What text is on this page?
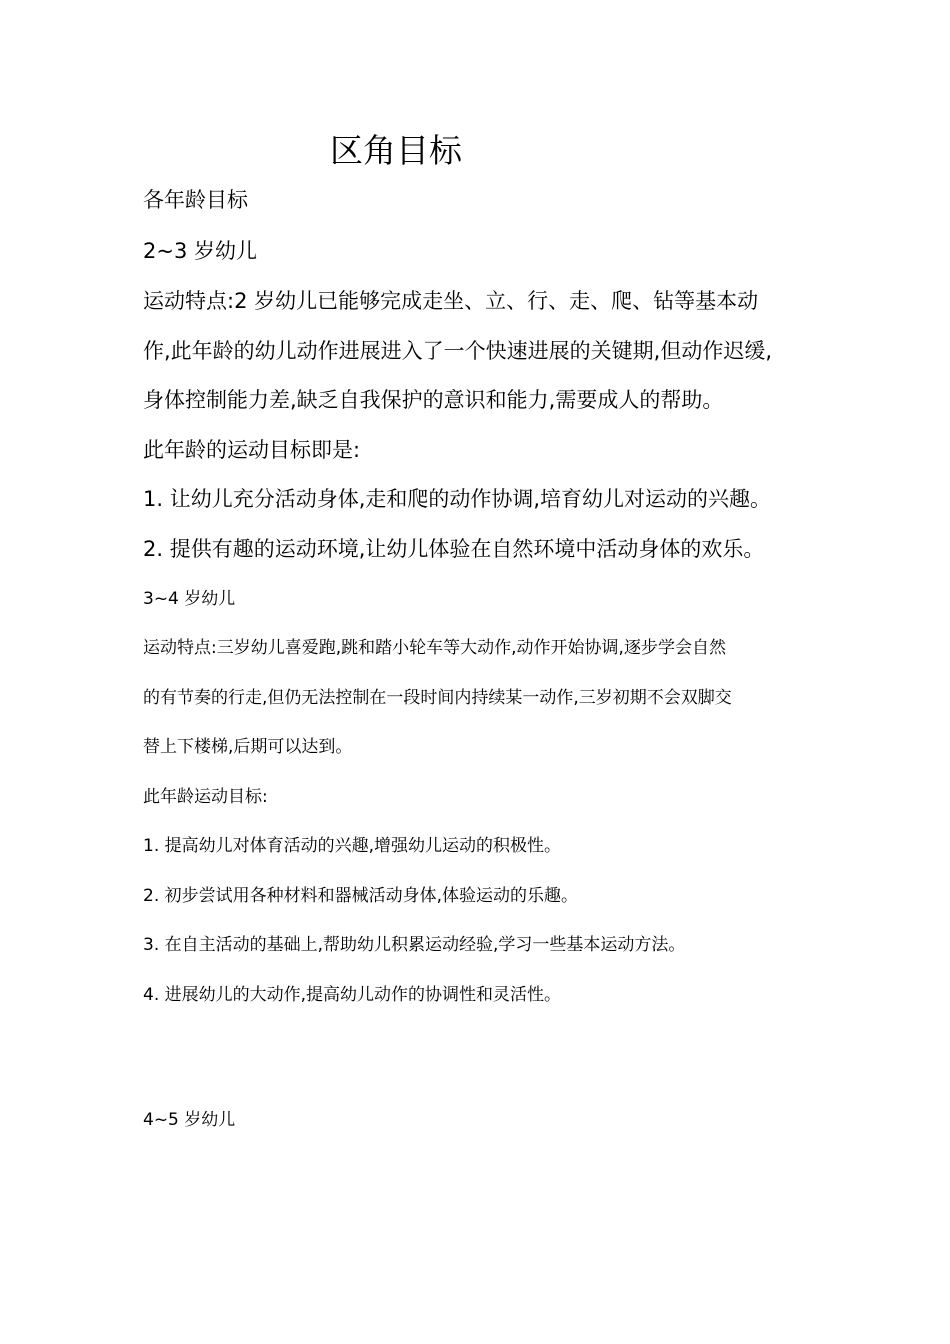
区角目标

各年龄目标

2~3 岁幼儿

运动特点:2 岁幼儿已能够完成走坐、立、行、走、爬、钻等基本动

作,此年龄的幼儿动作进展进入了一个快速进展的关键期,但动作迟缓,

身体控制能力差,缺乏自我保护的意识和能力,需要成人的帮助。

此年龄的运动目标即是:

1. 让幼儿充分活动身体,走和爬的动作协调,培育幼儿对运动的兴趣。

2. 提供有趣的运动环境,让幼儿体验在自然环境中活动身体的欢乐。

3~4 岁幼儿

运动特点:三岁幼儿喜爱跑,跳和踏小轮车等大动作,动作开始协调,逐步学会自然

的有节奏的行走,但仍无法控制在一段时间内持续某一动作,三岁初期不会双脚交

替上下楼梯,后期可以达到。

此年龄运动目标:

1. 提高幼儿对体育活动的兴趣,增强幼儿运动的积极性。

2. 初步尝试用各种材料和器械活动身体,体验运动的乐趣。

3. 在自主活动的基础上,帮助幼儿积累运动经验,学习一些基本运动方法。

4. 进展幼儿的大动作,提高幼儿动作的协调性和灵活性。

4~5 岁幼儿
